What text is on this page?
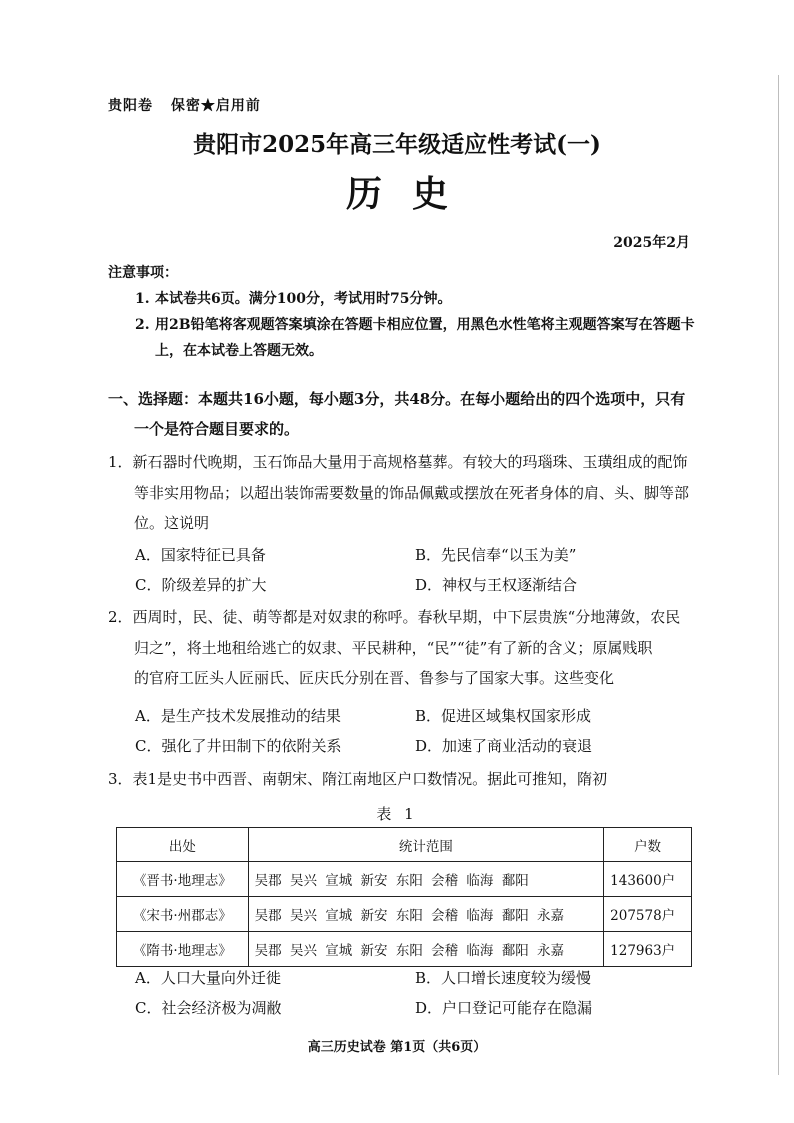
贵阳卷 保密★启用前
贵阳市2025年高三年级适应性考试(一)
历史
2025年2月
注意事项：
1. 本试卷共6页。满分100分，考试用时75分钟。
2. 用2B铅笔将客观题答案填涂在答题卡相应位置，用黑色水性笔将主观题答案写在答题卡上，在本试卷上答题无效。
一、选择题：本题共16小题，每小题3分，共48分。在每小题给出的四个选项中，只有
一个是符合题目要求的。
1．新石器时代晚期，玉石饰品大量用于高规格墓葬。有较大的玛瑙珠、玉璜组成的配饰
等非实用物品；以超出装饰需要数量的饰品佩戴或摆放在死者身体的肩、头、脚等部
位。这说明
A．国家特征已具备	B．先民信奉“以玉为美”
C．阶级差异的扩大	D．神权与王权逐渐结合
2．西周时，民、徒、萌等都是对奴隶的称呼。春秋早期，中下层贵族“分地薄敛，农民
归之”，将土地租给逃亡的奴隶、平民耕种，“民”“徒”有了新的含义；原属贱职
的官府工匠头人匠丽氏、匠庆氏分别在晋、鲁参与了国家大事。这些变化
A．是生产技术发展推动的结果	B．促进区域集权国家形成
C．强化了井田制下的依附关系	D．加速了商业活动的衰退
3．表1是史书中西晋、南朝宋、隋江南地区户口数情况。据此可推知，隋初
表 1
出处	统计范围	户数
《晋书·地理志》	吴郡 吴兴 宣城 新安 东阳 会稽 临海 鄱阳	143600户
《宋书·州郡志》	吴郡 吴兴 宣城 新安 东阳 会稽 临海 鄱阳 永嘉	207578户
《隋书·地理志》	吴郡 吴兴 宣城 新安 东阳 会稽 临海 鄱阳 永嘉	127963户
A．人口大量向外迁徙	B．人口增长速度较为缓慢
C．社会经济极为凋敝	D．户口登记可能存在隐漏
高三历史试卷 第1页（共6页）
